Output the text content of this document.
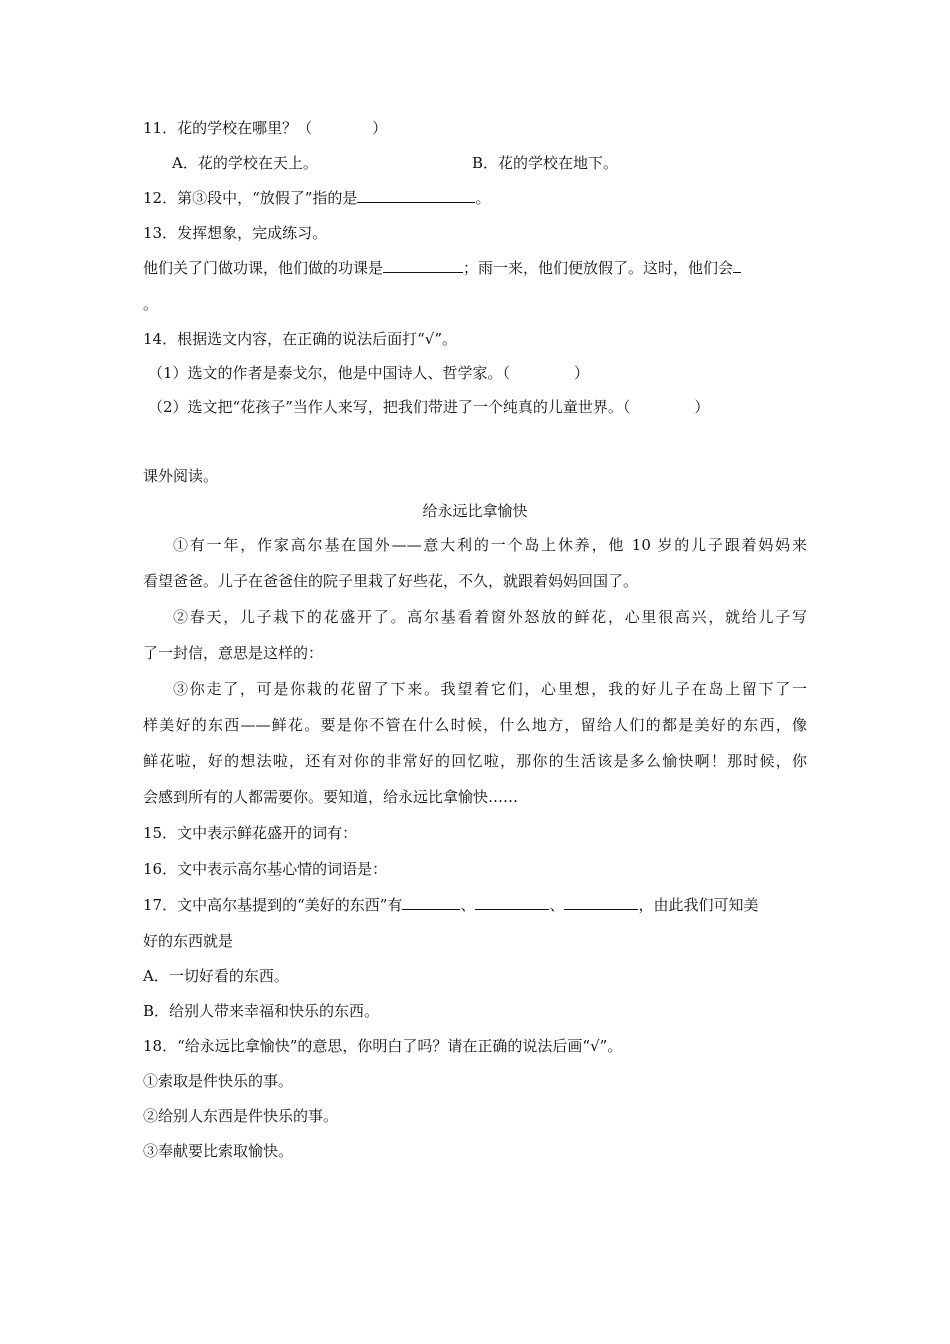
11．花的学校在哪里？（	）
A．花的学校在天上。	B．花的学校在地下。
12．第③段中，“放假了”指的是	。
13．发挥想象，完成练习。
他们关了门做功课，他们做的功课是	；雨一来，他们便放假了。这时，他们会
。
14．根据选文内容，在正确的说法后面打“√”。
（1）选文的作者是泰戈尔，他是中国诗人、哲学家。（	）
（2）选文把“花孩子”当作人来写，把我们带进了一个纯真的儿童世界。（	）
课外阅读。
给永远比拿愉快
①有一年，作家高尔基在国外——意大利的一个岛上休养，他 10 岁的儿子跟着妈妈来
看望爸爸。儿子在爸爸住的院子里栽了好些花，不久，就跟着妈妈回国了。
②春天，儿子栽下的花盛开了。高尔基看着窗外怒放的鲜花，心里很高兴，就给儿子写
了一封信，意思是这样的：
③你走了，可是你栽的花留了下来。我望着它们，心里想，我的好儿子在岛上留下了一
样美好的东西——鲜花。要是你不管在什么时候，什么地方，留给人们的都是美好的东西，像
鲜花啦，好的想法啦，还有对你的非常好的回忆啦，那你的生活该是多么愉快啊！那时候，你
会感到所有的人都需要你。要知道，给永远比拿愉快……
15．文中表示鲜花盛开的词有：
16．文中表示高尔基心情的词语是：
17．文中高尔基提到的“美好的东西”有	、	、	，由此我们可知美
好的东西就是
A．一切好看的东西。
B．给别人带来幸福和快乐的东西。
18．“给永远比拿愉快”的意思，你明白了吗？请在正确的说法后画“√”。
①索取是件快乐的事。
②给别人东西是件快乐的事。
③奉献要比索取愉快。
